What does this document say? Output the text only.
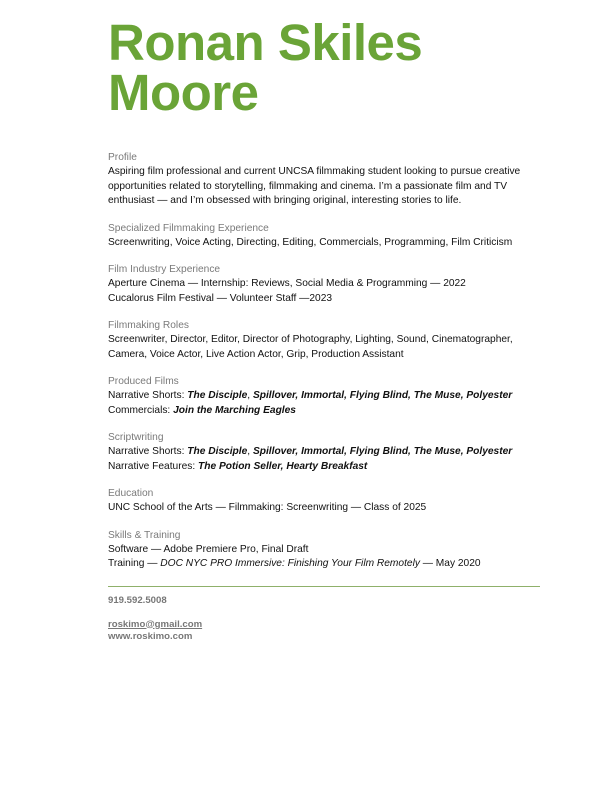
Ronan Skiles
Moore
Profile
Aspiring film professional and current UNCSA filmmaking student looking to pursue creative opportunities related to storytelling, filmmaking and cinema. I’m a passionate film and TV enthusiast — and I’m obsessed with bringing original, interesting stories to life.
Specialized Filmmaking Experience
Screenwriting, Voice Acting, Directing, Editing, Commercials, Programming, Film Criticism
Film Industry Experience
Aperture Cinema — Internship: Reviews, Social Media & Programming — 2022
Cucalorus Film Festival — Volunteer Staff —2023
Filmmaking Roles
Screenwriter, Director, Editor, Director of Photography, Lighting, Sound, Cinematographer,
Camera, Voice Actor, Live Action Actor, Grip, Production Assistant
Produced Films
Narrative Shorts: The Disciple, Spillover, Immortal, Flying Blind, The Muse, Polyester
Commercials: Join the Marching Eagles
Scriptwriting
Narrative Shorts: The Disciple, Spillover, Immortal, Flying Blind, The Muse, Polyester
Narrative Features: The Potion Seller, Hearty Breakfast
Education
UNC School of the Arts — Filmmaking: Screenwriting — Class of 2025
Skills & Training
Software — Adobe Premiere Pro, Final Draft
Training — DOC NYC PRO Immersive: Finishing Your Film Remotely — May 2020
919.592.5008
roskimo@gmail.com
www.roskimo.com
